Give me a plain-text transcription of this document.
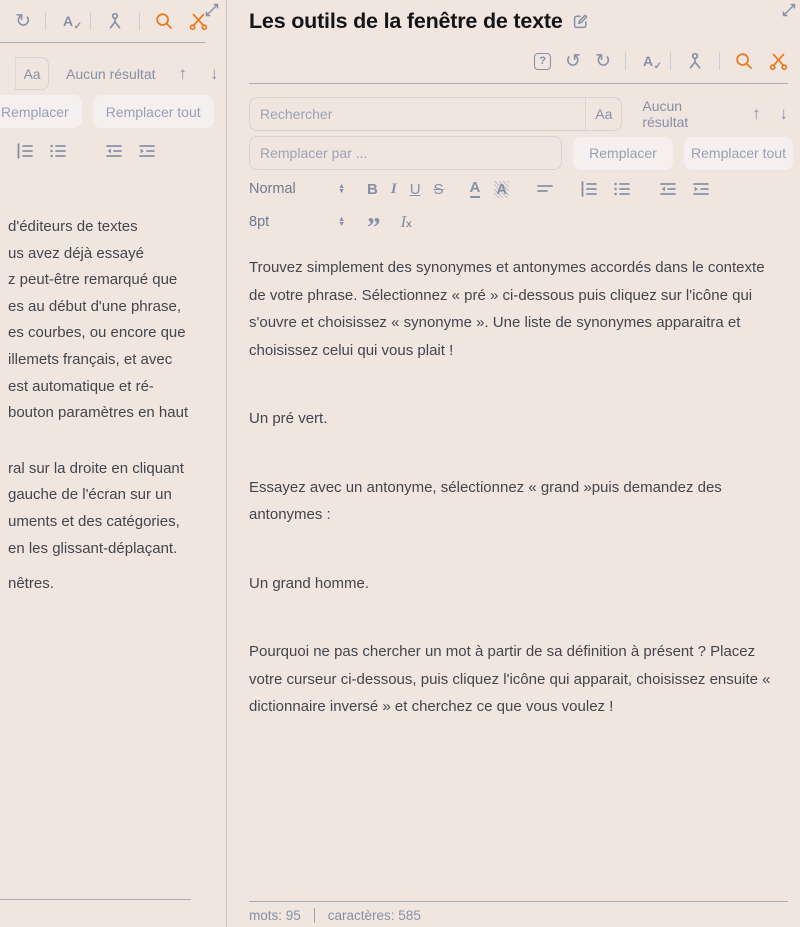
↻ A ✓
Aa Aucun résultat ↑ ↓
Remplacer	Remplacer tout
d'éditeurs de textes
us avez déjà essayé
z peut-être remarqué que
es au début d'une phrase,
es courbes, ou encore que
illemets français, et avec
est automatique et ré-
bouton paramètres en haut
ral sur la droite en cliquant
gauche de l'écran sur un
uments et des catégories,
en les glissant-déplaçant.
nêtres.
Les outils de la fenêtre de texte
? ↺ ↻ A ✓
Rechercher
Aa	Aucun résultat	↑ ↓
Remplacer par ...
Remplacer	Remplacer tout
Normal	▲
▼ B I U S A A
8pt	▲
▼ ” Ix

Trouvez simplement des synonymes et antonymes accordés dans le contexte de votre phrase. Sélectionnez « pré » ci-dessous puis cliquez sur l'icône qui s'ouvre et choisissez « synonyme ». Une liste de synonymes apparaitra et choisissez celui qui vous plait !

Un pré vert.

Essayez avec un antonyme, sélectionnez « grand »puis demandez des antonymes :

Un grand homme.

Pourquoi ne pas chercher un mot à partir de sa définition à présent ? Placez votre curseur ci-dessous, puis cliquez l'icône qui apparait, choisissez ensuite « dictionnaire inversé » et cherchez ce que vous voulez !

mots: 95 caractères: 585
